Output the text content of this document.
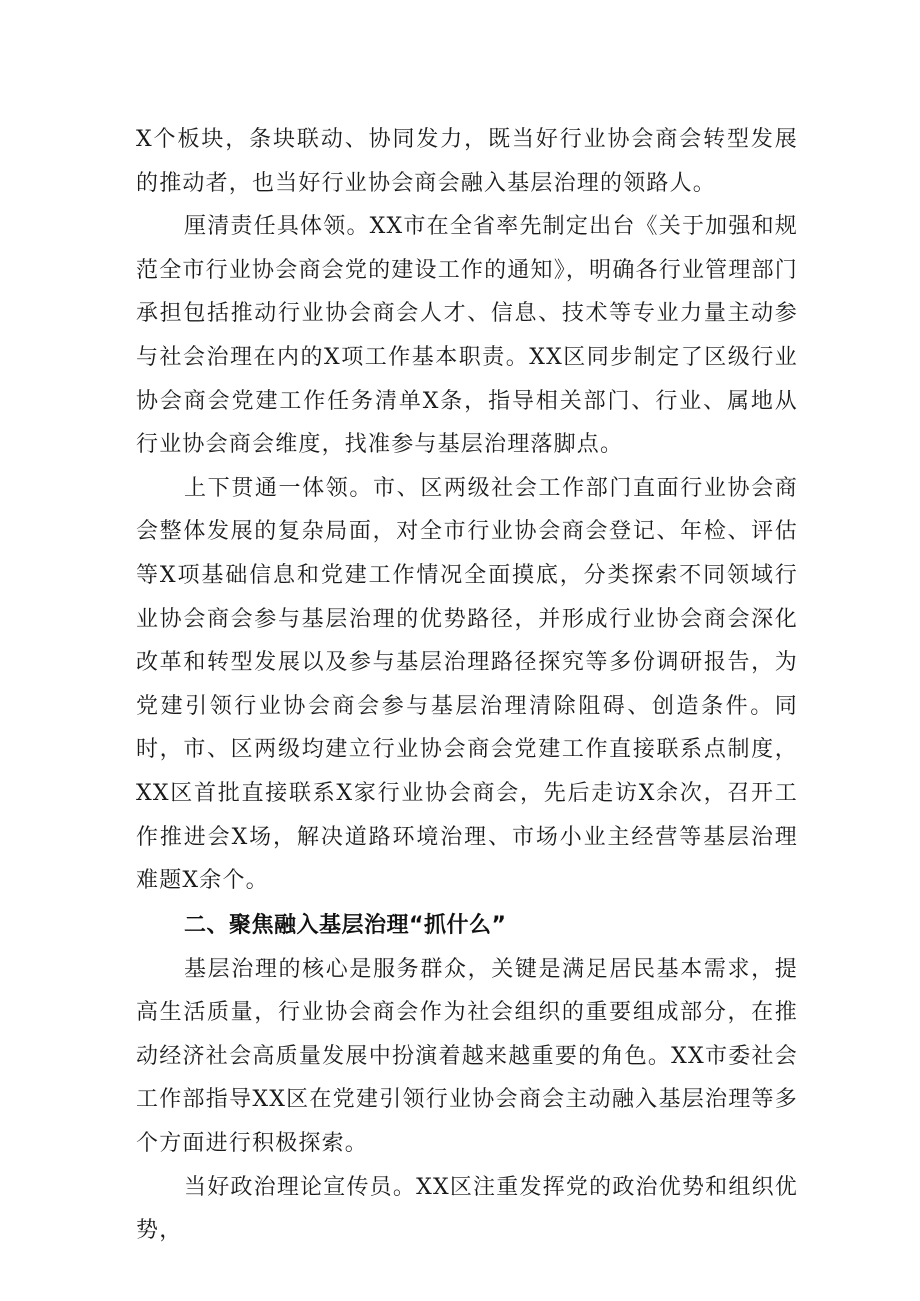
X个板块，条块联动、协同发力，既当好行业协会商会转型发展的推动者，也当好行业协会商会融入基层治理的领路人。

厘清责任具体领。XX市在全省率先制定出台《关于加强和规范全市行业协会商会党的建设工作的通知》，明确各行业管理部门承担包括推动行业协会商会人才、信息、技术等专业力量主动参与社会治理在内的X项工作基本职责。XX区同步制定了区级行业协会商会党建工作任务清单X条，指导相关部门、行业、属地从行业协会商会维度，找准参与基层治理落脚点。

上下贯通一体领。市、区两级社会工作部门直面行业协会商会整体发展的复杂局面，对全市行业协会商会登记、年检、评估等X项基础信息和党建工作情况全面摸底，分类探索不同领域行业协会商会参与基层治理的优势路径，并形成行业协会商会深化改革和转型发展以及参与基层治理路径探究等多份调研报告，为党建引领行业协会商会参与基层治理清除阻碍、创造条件。同时，市、区两级均建立行业协会商会党建工作直接联系点制度，XX区首批直接联系X家行业协会商会，先后走访X余次，召开工作推进会X场，解决道路环境治理、市场小业主经营等基层治理难题X余个。

二、聚焦融入基层治理“抓什么”

基层治理的核心是服务群众，关键是满足居民基本需求，提高生活质量，行业协会商会作为社会组织的重要组成部分，在推动经济社会高质量发展中扮演着越来越重要的角色。XX市委社会工作部指导XX区在党建引领行业协会商会主动融入基层治理等多个方面进行积极探索。

当好政治理论宣传员。XX区注重发挥党的政治优势和组织优势，
